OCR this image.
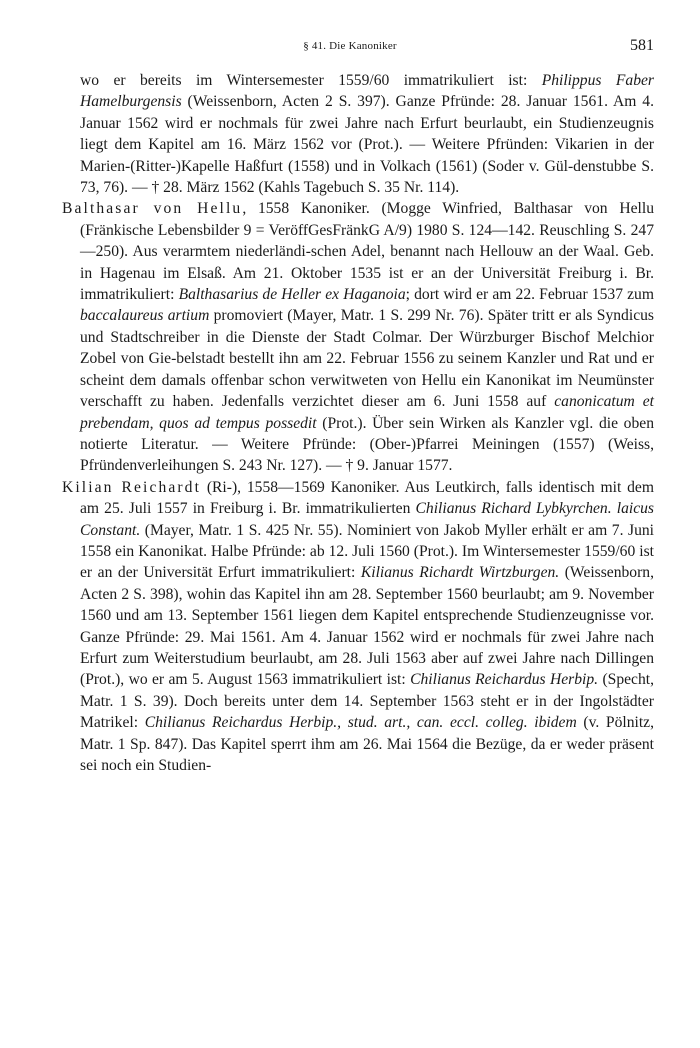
§ 41. Die Kanoniker	581

wo er bereits im Wintersemester 1559/60 immatrikuliert ist: Philippus Faber Hamelburgensis (Weissenborn, Acten 2 S. 397). Ganze Pfründe: 28. Januar 1561. Am 4. Januar 1562 wird er nochmals für zwei Jahre nach Erfurt beurlaubt, ein Studienzeugnis liegt dem Kapitel am 16. März 1562 vor (Prot.). — Weitere Pfründen: Vikarien in der Marien-(Ritter-)Kapelle Haßfurt (1558) und in Volkach (1561) (Soder v. Gül-denstubbe S. 73, 76). — † 28. März 1562 (Kahls Tagebuch S. 35 Nr. 114).

Balthasar von Hellu, 1558 Kanoniker. (Mogge Winfried, Balthasar von Hellu (Fränkische Lebensbilder 9 = VeröffGesFränkG A/9) 1980 S. 124—142. Reuschling S. 247—250). Aus verarmtem niederländi-schen Adel, benannt nach Hellouw an der Waal. Geb. in Hagenau im Elsaß. Am 21. Oktober 1535 ist er an der Universität Freiburg i. Br. immatrikuliert: Balthasarius de Heller ex Haganoia; dort wird er am 22. Februar 1537 zum baccalaureus artium promoviert (Mayer, Matr. 1 S. 299 Nr. 76). Später tritt er als Syndicus und Stadtschreiber in die Dienste der Stadt Colmar. Der Würzburger Bischof Melchior Zobel von Gie-belstadt bestellt ihn am 22. Februar 1556 zu seinem Kanzler und Rat und er scheint dem damals offenbar schon verwitweten von Hellu ein Kanonikat im Neumünster verschafft zu haben. Jedenfalls verzichtet dieser am 6. Juni 1558 auf canonicatum et prebendam, quos ad tempus possedit (Prot.). Über sein Wirken als Kanzler vgl. die oben notierte Literatur. — Weitere Pfründe: (Ober-)Pfarrei Meiningen (1557) (Weiss, Pfründenverleihungen S. 243 Nr. 127). — † 9. Januar 1577.

Kilian Reichardt (Ri-), 1558—1569 Kanoniker. Aus Leutkirch, falls identisch mit dem am 25. Juli 1557 in Freiburg i. Br. immatrikulierten Chilianus Richard Lybkyrchen. laicus Constant. (Mayer, Matr. 1 S. 425 Nr. 55). Nominiert von Jakob Myller erhält er am 7. Juni 1558 ein Kanonikat. Halbe Pfründe: ab 12. Juli 1560 (Prot.). Im Wintersemester 1559/60 ist er an der Universität Erfurt immatrikuliert: Kilianus Richardt Wirtzburgen. (Weissenborn, Acten 2 S. 398), wohin das Kapitel ihn am 28. September 1560 beurlaubt; am 9. November 1560 und am 13. September 1561 liegen dem Kapitel entsprechende Studienzeugnisse vor. Ganze Pfründe: 29. Mai 1561. Am 4. Januar 1562 wird er nochmals für zwei Jahre nach Erfurt zum Weiterstudium beurlaubt, am 28. Juli 1563 aber auf zwei Jahre nach Dillingen (Prot.), wo er am 5. August 1563 immatrikuliert ist: Chilianus Reichardus Herbip. (Specht, Matr. 1 S. 39). Doch bereits unter dem 14. September 1563 steht er in der Ingolstädter Matrikel: Chilianus Reichardus Herbip., stud. art., can. eccl. colleg. ibidem (v. Pölnitz, Matr. 1 Sp. 847). Das Kapitel sperrt ihm am 26. Mai 1564 die Bezüge, da er weder präsent sei noch ein Studien-
